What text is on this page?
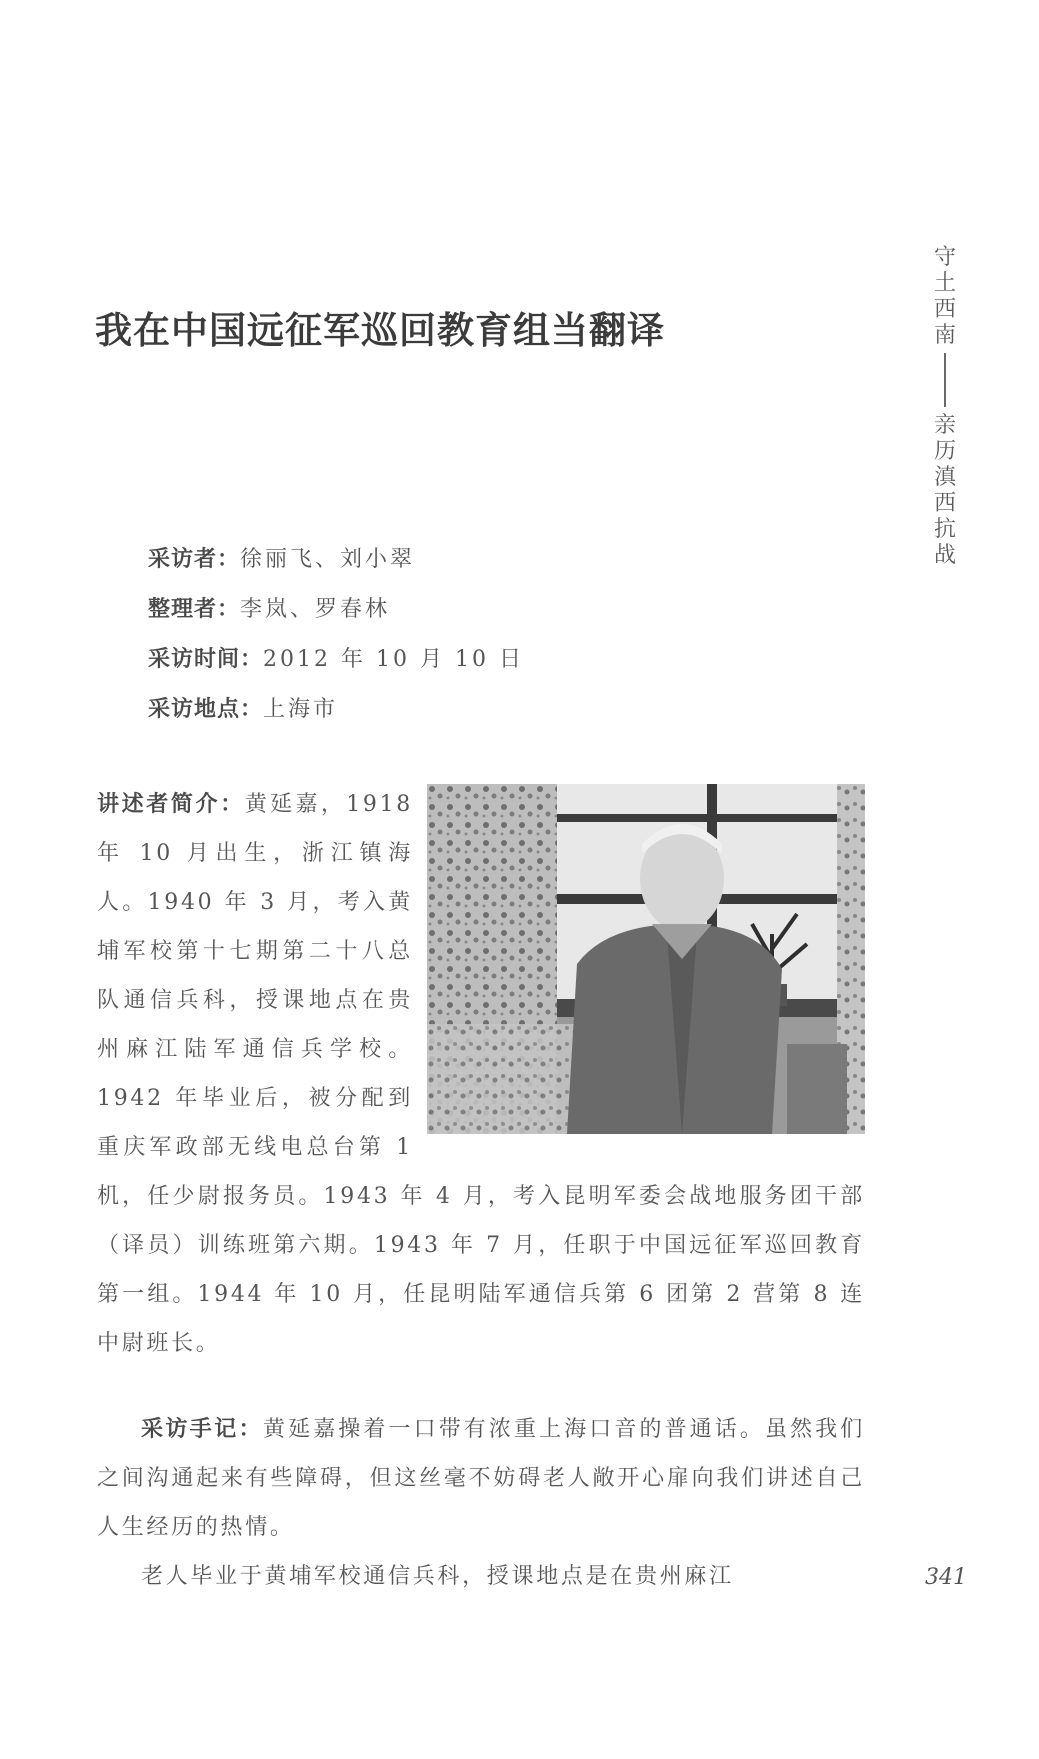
我在中国远征军巡回教育组当翻译
守
土
西
南
亲
历
滇
西
抗
战
采访者：徐丽飞、刘小翠
整理者：李岚、罗春林
采访时间：2012 年 10 月 10 日
采访地点：上海市
讲述者简介：黄延嘉，1918 年 10 月出生，浙江镇海人。1940 年 3 月，考入黄埔军校第十七期第二十八总队通信兵科，授课地点在贵州麻江陆军通信兵学校。1942 年毕业后，被分配到重庆军政部无线电总台第 1 机，任少尉报务员。1943 年 4 月，考入昆明军委会战地服务团干部（译员）训练班第六期。1943 年 7 月，任职于中国远征军巡回教育第一组。1944 年 10 月，任昆明陆军通信兵第 6 团第 2 营第 8 连中尉班长。

采访手记：黄延嘉操着一口带有浓重上海口音的普通话。虽然我们之间沟通起来有些障碍，但这丝毫不妨碍老人敞开心扉向我们讲述自己人生经历的热情。

老人毕业于黄埔军校通信兵科，授课地点是在贵州麻江	341
